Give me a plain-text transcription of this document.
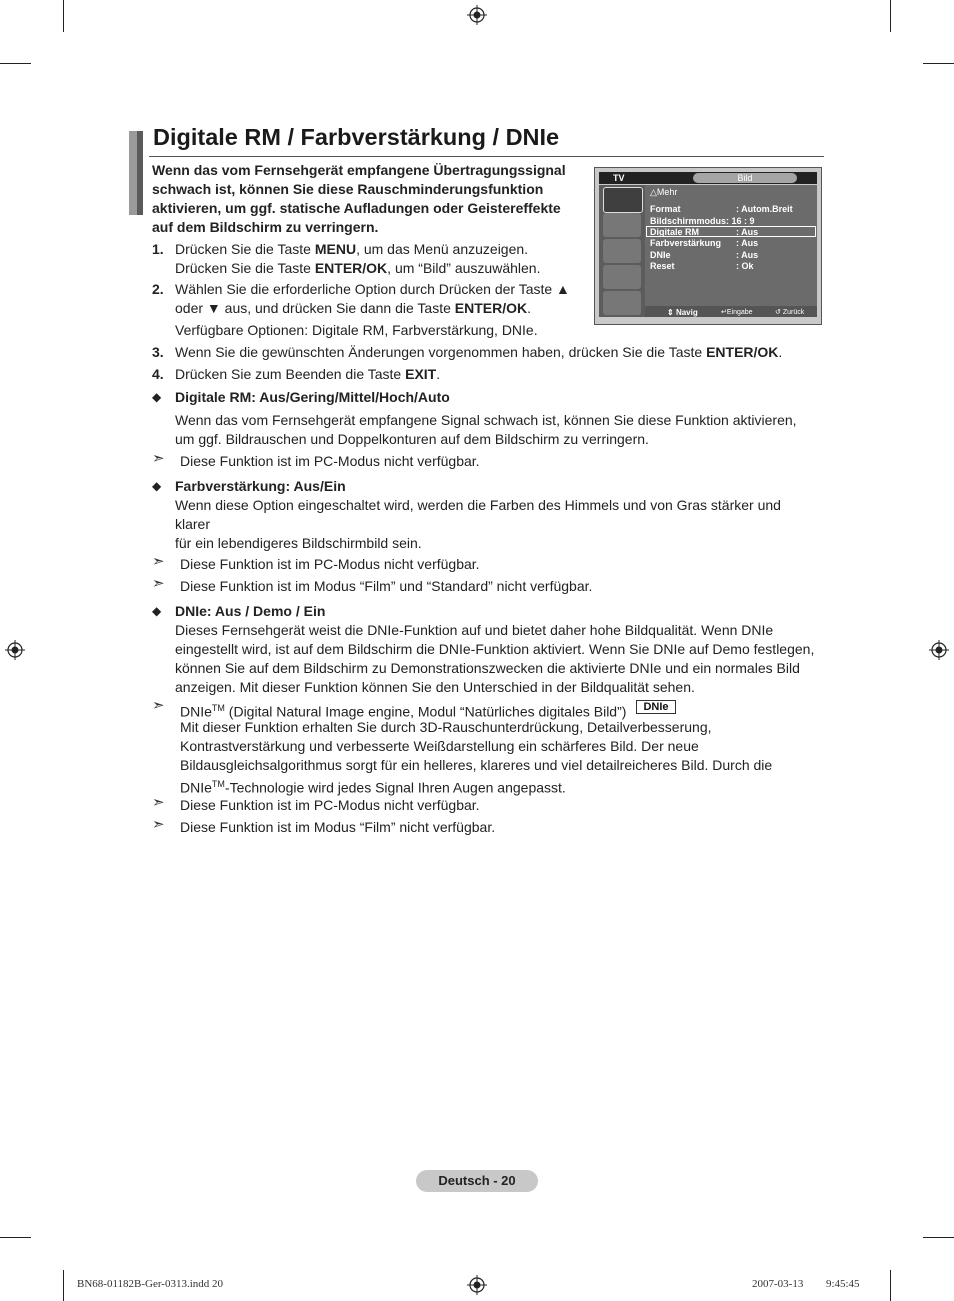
Digitale RM / Farbverstärkung / DNIe
Wenn das vom Fernsehgerät empfangene Übertragungssignal schwach ist, können Sie diese Rauschminderungsfunktion aktivieren, um ggf. statische Aufladungen oder Geistereffekte auf dem Bildschirm zu verringern.
1. Drücken Sie die Taste MENU, um das Menü anzuzeigen.
Drücken Sie die Taste ENTER/OK, um “Bild” auszuwählen.
2. Wählen Sie die erforderliche Option durch Drücken der Taste ▲
oder ▼ aus, und drücken Sie dann die Taste ENTER/OK.
Verfügbare Optionen: Digitale RM, Farbverstärkung, DNIe.
3. Wenn Sie die gewünschten Änderungen vorgenommen haben, drücken Sie die Taste ENTER/OK.
4. Drücken Sie zum Beenden die Taste EXIT.
TV	Bild
△Mehr
Format	: Autom.Breit
Bildschirmmodus: 16 : 9
Digitale RM	: Aus
Farbverstärkung : Aus
DNIe	: Aus
Reset	: Ok
⇕ Navig	↵Eingabe	↺ Zurück
◆ Digitale RM: Aus/Gering/Mittel/Hoch/Auto
Wenn das vom Fernsehgerät empfangene Signal schwach ist, können Sie diese Funktion aktivieren,
um ggf. Bildrauschen und Doppelkonturen auf dem Bildschirm zu verringern.
➣ Diese Funktion ist im PC-Modus nicht verfügbar.
◆ Farbverstärkung: Aus/Ein
Wenn diese Option eingeschaltet wird, werden die Farben des Himmels und von Gras stärker und
klarer
für ein lebendigeres Bildschirmbild sein.
➣ Diese Funktion ist im PC-Modus nicht verfügbar.
➣ Diese Funktion ist im Modus “Film” und “Standard” nicht verfügbar.
◆ DNIe: Aus / Demo / Ein
Dieses Fernsehgerät weist die DNIe-Funktion auf und bietet daher hohe Bildqualität. Wenn DNIe
eingestellt wird, ist auf dem Bildschirm die DNIe-Funktion aktiviert. Wenn Sie DNIe auf Demo festlegen,
können Sie auf dem Bildschirm zu Demonstrationszwecken die aktivierte DNIe und ein normales Bild
anzeigen. Mit dieser Funktion können Sie den Unterschied in der Bildqualität sehen.
➣ DNIe™ (Digital Natural Image engine, Modul “Natürliches digitales Bild”)	DNIe
Mit dieser Funktion erhalten Sie durch 3D-Rauschunterdrückung, Detailverbesserung,
Kontrastverstärkung und verbesserte Weißdarstellung ein schärferes Bild. Der neue
Bildausgleichsalgorithmus sorgt für ein helleres, klareres und viel detailreicheres Bild. Durch die
DNIe™-Technologie wird jedes Signal Ihren Augen angepasst.
➣ Diese Funktion ist im PC-Modus nicht verfügbar.
➣ Diese Funktion ist im Modus “Film” nicht verfügbar.
Deutsch - 20
BN68-01182B-Ger-0313.indd 20	2007-03-13 ￿￿ 9:45:45
